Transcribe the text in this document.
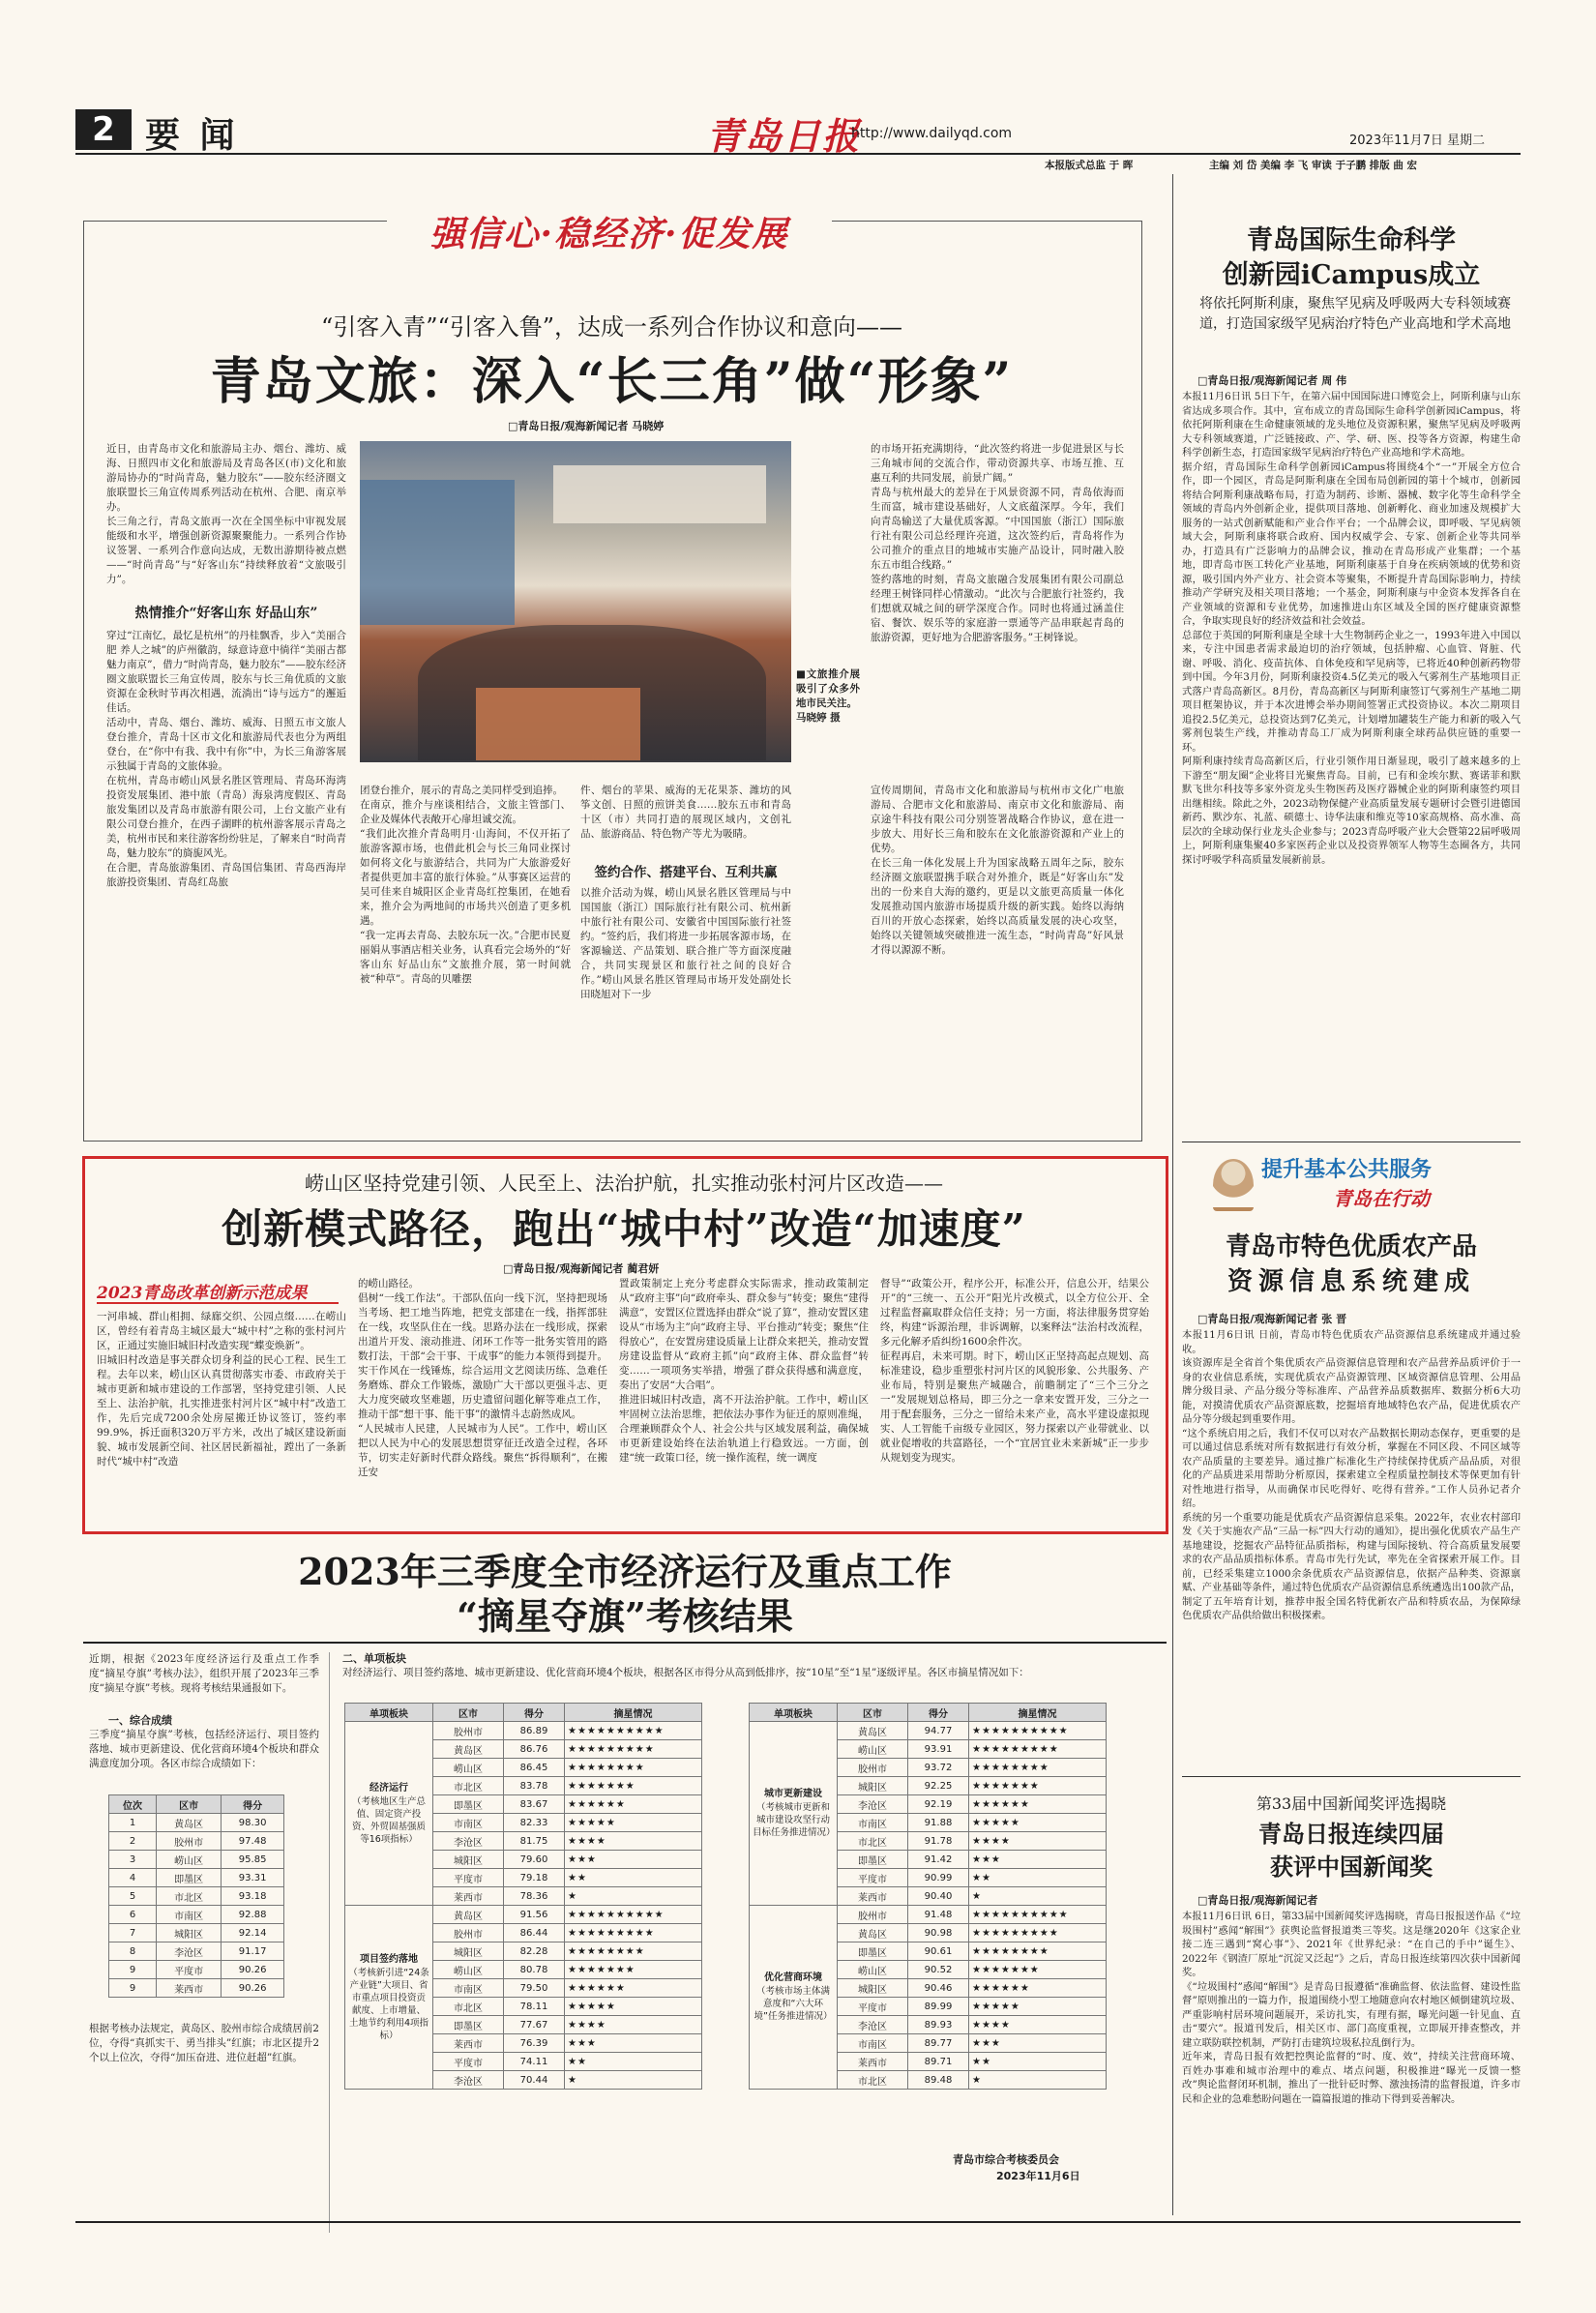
2 要 闻	青岛日报
http://www.dailyqd.com	2023年11月7日 星期二
本报版式总监 于 晖	主编 刘 岱 美编 李 飞 审读 于子鹏 排版 曲 宏
强信心·稳经济·促发展
“引客入青”“引客入鲁”，达成一系列合作协议和意向——
青岛文旅：深入“长三角”做“形象”
□青岛日报/观海新闻记者 马晓婷
近日，由青岛市文化和旅游局主办、烟台、潍坊、威海、日照四市文化和旅游局及青岛各区(市)文化和旅游局协办的“时尚青岛，魅力胶东”——胶东经济圈文旅联盟长三角宣传周系列活动在杭州、合肥、南京举办。
长三角之行，青岛文旅再一次在全国坐标中审视发展能级和水平，增强创新资源聚聚能力。一系列合作协议签署、一系列合作意向达成，无数出游期待被点燃——“时尚青岛”与“好客山东”持续释放着“文旅吸引力”。
热情推介“好客山东 好品山东”
穿过“江南忆，最忆是杭州”的丹桂飘香，步入“美丽合肥 养人之城”的庐州徽韵，绿意诗意中徜徉“美丽古都 魅力南京”，借力“时尚青岛，魅力胶东”——胶东经济圈文旅联盟长三角宣传周，胶东与长三角优质的文旅资源在金秋时节再次相遇，流淌出“诗与远方”的邂逅佳话。
活动中，青岛、烟台、潍坊、威海、日照五市文旅人登台推介，青岛十区市文化和旅游局代表也分为两组登台，在“你中有我、我中有你”中，为长三角游客展示独属于青岛的文旅体验。
在杭州，青岛市崂山风景名胜区管理局、青岛环海湾投资发展集团、港中旅（青岛）海泉湾度假区、青岛旅发集团以及青岛市旅游有限公司，上台文旅产业有限公司登台推介，在西子湖畔的杭州游客展示青岛之美，杭州市民和来往游客纷纷驻足，了解来自“时尚青岛，魅力胶东”的旖旎风光。
在合肥，青岛旅游集团、青岛国信集团、青岛西海岸旅游投资集团、青岛红岛旅
■文旅推介展吸引了众多外地市民关注。
马晓婷 摄
团登台推介，展示的青岛之美同样受到追捧。
在南京，推介与座谈相结合，文旅主管部门、企业及媒体代表敞开心扉坦诚交流。
“我们此次推介青岛明月·山海间，不仅开拓了旅游客源市场，也借此机会与长三角同业探讨如何将文化与旅游结合，共同为广大旅游爱好者提供更加丰富的旅行体验。”从事赛区运营的吴可佳来自城阳区企业青岛红控集团，在她看来，推介会为两地间的市场共兴创造了更多机遇。
“我一定再去青岛、去胶东玩一次。”合肥市民夏丽娟从事酒店相关业务，认真看完会场外的“好客山东 好品山东”文旅推介展，第一时间就被“种草”。青岛的贝雕摆
件、烟台的苹果、威海的无花果茶、潍坊的风筝文创、日照的煎饼美食……胶东五市和青岛十区（市）共同打造的展现区域内，文创礼品、旅游商品、特色物产等尤为吸睛。
签约合作、搭建平台、互利共赢
以推介活动为媒，崂山风景名胜区管理局与中国国旅（浙江）国际旅行社有限公司、杭州新中旅行社有限公司、安徽省中国国际旅行社签约。“签约后，我们将进一步拓展客源市场，在客源输送、产品策划、联合推广等方面深度融合，共同实现景区和旅行社之间的良好合作。”崂山风景名胜区管理局市场开发处副处长田晓旭对下一步
的市场开拓充满期待，“此次签约将进一步促进景区与长三角城市间的交流合作，带动资源共享、市场互推、互惠互利的共同发展，前景广阔。”
青岛与杭州最大的差异在于风景资源不同，青岛依海而生而富，城市建设基础好，人文底蕴深厚。今年，我们向青岛输送了大量优质客源。“中国国旅（浙江）国际旅行社有限公司总经理许亮道，这次签约后，青岛将作为公司推介的重点目的地城市实施产品设计，同时融入胶东五市组合线路。”
签约落地的时刻，青岛文旅融合发展集团有限公司副总经理王树锋同样心情激动。“此次与合肥旅行社签约，我们想就双城之间的研学深度合作。同时也将通过涵盖住宿、餐饮、娱乐等的家庭游一票通等产品串联起青岛的旅游资源，更好地为合肥游客服务。”王树锋说。
宣传周期间，青岛市文化和旅游局与杭州市文化广电旅游局、合肥市文化和旅游局、南京市文化和旅游局、南京途牛科技有限公司分别签署战略合作协议，意在进一步放大、用好长三角和胶东在文化旅游资源和产业上的优势。
在长三角一体化发展上升为国家战略五周年之际，胶东经济圈文旅联盟携手联合对外推介，既是“好客山东”发出的一份来自大海的邀约，更是以文旅更高质量一体化发展推动国内旅游市场提质升级的新实践。始终以海纳百川的开放心态探索，始终以高质量发展的决心攻坚，始终以关键领域突破推进一流生态，“时尚青岛”好风景才得以源源不断。
崂山区坚持党建引领、人民至上、法治护航，扎实推动张村河片区改造——
创新模式路径，跑出“城中村”改造“加速度”
□青岛日报/观海新闻记者 蔺君妍
2023青岛改革创新示范成果
一河串城、群山相拥、绿廊交织、公园点缀……在崂山区，曾经有着青岛主城区最大“城中村”之称的张村河片区，正通过实施旧城旧村改造实现“蝶变焕新”。
旧城旧村改造是事关群众切身利益的民心工程、民生工程。去年以来，崂山区认真贯彻落实市委、市政府关于城市更新和城市建设的工作部署，坚持党建引领、人民至上、法治护航，扎实推进张村河片区“城中村”改造工作，先后完成7200余处房屋搬迁协议签订，签约率99.9%，拆迁面积320万平方米，改出了城区建设新面貌、城市发展新空间、社区居民新福祉，蹚出了一条新时代“城中村”改造
的崂山路径。
倡树“一线工作法”。干部队伍向一线下沉，坚持把现场当考场、把工地当阵地，把党支部建在一线，指挥部驻在一线，攻坚队住在一线。思路办法在一线形成，探索出道片开发、滚动推进、闭环工作等一批务实管用的路数打法，干部“会干事、干成事”的能力本领得到提升。实干作风在一线锤炼，综合运用文艺阅读历练、急难任务磨炼、群众工作锻炼，激励广大干部以更强斗志、更大力度突破攻坚难题，历史遗留问题化解等难点工作，推动干部“想干事、能干事”的激情斗志蔚然成风。
“人民城市人民建，人民城市为人民”。工作中，崂山区把以人民为中心的发展思想贯穿征迁改造全过程，各环节，切实走好新时代群众路线。聚焦“拆得顺利”，在搬迁安
置政策制定上充分考虑群众实际需求，推动政策制定从“政府主事”向“政府牵头、群众参与”转变；聚焦“建得满意”，安置区位置选择由群众“说了算”，推动安置区建设从“市场为主”向“政府主导、平台推动”转变；聚焦“住得放心”，在安置房建设质量上让群众来把关，推动安置房建设监督从“政府主抓”向“政府主体、群众监督”转变……一项项务实举措，增强了群众获得感和满意度，奏出了安居“大合唱”。
推进旧城旧村改造，离不开法治护航。工作中，崂山区牢固树立法治思维，把依法办事作为征迁的原则准绳，合理兼顾群众个人、社会公共与区域发展利益，确保城市更新建设始终在法治轨道上行稳致远。一方面，创建“统一政策口径，统一操作流程，统一调度
督导”“政策公开，程序公开，标准公开，信息公开，结果公开”的“三统一、五公开”阳光片改模式，以全方位公开、全过程监督赢取群众信任支持；另一方面，将法律服务贯穿始终，构建“诉源治理，非诉调解，以案释法”法治村改流程，多元化解矛盾纠纷1600余件次。
征程再启，未来可期。时下，崂山区正坚持高起点规划、高标准建设，稳步重塑张村河片区的风貌形象、公共服务、产业布局，特别是聚焦产城融合，前瞻制定了“三个三分之一”发展规划总格局，即三分之一拿来安置开发，三分之一用于配套服务，三分之一留给未来产业，高水平建设虚拟现实、人工智能千亩级专业园区，努力探索以产业带就业、以就业促增收的共富路径，一个“宜居宜业未来新城”正一步步从规划变为现实。
2023年三季度全市经济运行及重点工作
“摘星夺旗”考核结果
近期，根据《2023年度经济运行及重点工作季度“摘星夺旗”考核办法》，组织开展了2023年三季度“摘星夺旗”考核。现将考核结果通报如下。
一、综合成绩
三季度“摘星夺旗”考核，包括经济运行、项目签约落地、城市更新建设、优化营商环境4个板块和群众满意度加分项。各区市综合成绩如下：
位次	区市	得分
1	黄岛区	98.30
2	胶州市	97.48
3	崂山区	95.85
4	即墨区	93.31
5	市北区	93.18
6	市南区	92.88
7	城阳区	92.14
8	李沧区	91.17
9	平度市	90.26
9	莱西市	90.26
根据考核办法规定，黄岛区、胶州市综合成绩居前2位，夺得“真抓实干、勇当排头”红旗；市北区提升2个以上位次，夺得“加压奋进、进位赶超”红旗。
二、单项板块
对经济运行、项目签约落地、城市更新建设、优化营商环境4个板块，根据各区市得分从高到低排序，按“10星”至“1星”逐级评星。各区市摘星情况如下：
单项板块	区市	得分	摘星情况
经济运行
（考核地区生产总值、固定资产投资、外贸固基强质等16项指标）	胶州市	86.89	★★★★★★★★★★
	黄岛区	86.76	★★★★★★★★★
	崂山区	86.45	★★★★★★★★
	市北区	83.78	★★★★★★★
	即墨区	83.67	★★★★★★
	市南区	82.33	★★★★★
	李沧区	81.75	★★★★
	城阳区	79.60	★★★
	平度市	79.18	★★
	莱西市	78.36	★
项目签约落地
（考核新引进“24条产业链”大项目、省市重点项目投资贡献度、上市增量、土地节约利用4项指标）	黄岛区	91.56	★★★★★★★★★★
	胶州市	86.44	★★★★★★★★★
	城阳区	82.28	★★★★★★★★
	崂山区	80.78	★★★★★★★
	市南区	79.50	★★★★★★
	市北区	78.11	★★★★★
	即墨区	77.67	★★★★
	莱西市	76.39	★★★
	平度市	74.11	★★
	李沧区	70.44	★
单项板块	区市	得分	摘星情况
城市更新建设
（考核城市更新和城市建设攻坚行动目标任务推进情况）	黄岛区	94.77	★★★★★★★★★★
	崂山区	93.91	★★★★★★★★★
	胶州市	93.72	★★★★★★★★
	城阳区	92.25	★★★★★★★
	李沧区	92.19	★★★★★★
	市南区	91.88	★★★★★
	市北区	91.78	★★★★
	即墨区	91.42	★★★
	平度市	90.99	★★
	莱西市	90.40	★
优化营商环境
（考核市场主体满意度和“六大环境”任务推进情况）	胶州市	91.48	★★★★★★★★★★
	黄岛区	90.98	★★★★★★★★★
	即墨区	90.61	★★★★★★★★
	崂山区	90.52	★★★★★★★
	城阳区	90.46	★★★★★★
	平度市	89.99	★★★★★
	李沧区	89.93	★★★★
	市南区	89.77	★★★
	莱西市	89.71	★★
	市北区	89.48	★
青岛市综合考核委员会
2023年11月6日
青岛国际生命科学
创新园iCampus成立
将依托阿斯利康，聚焦罕见病及呼吸两大专科领域赛道，打造国家级罕见病治疗特色产业高地和学术高地
□青岛日报/观海新闻记者 周 伟
本报11月6日讯 5日下午，在第六届中国国际进口博览会上，阿斯利康与山东省达成多项合作。其中，宣布成立的青岛国际生命科学创新园iCampus，将依托阿斯利康在生命健康领域的龙头地位及资源积累，聚焦罕见病及呼吸两大专科领域赛道，广泛链接政、产、学、研、医、投等各方资源，构建生命科学创新生态，打造国家级罕见病治疗特色产业高地和学术高地。
据介绍，青岛国际生命科学创新园iCampus将围绕4个“一”开展全方位合作，即一个园区，青岛是阿斯利康在全国布局创新园的第十个城市，创新园将结合阿斯利康战略布局，打造为制药、诊断、器械、数字化等生命科学全领域的青岛内外创新企业，提供项目落地、创新孵化、商业加速及规模扩大服务的一站式创新赋能和产业合作平台；一个品牌会议，即呼吸、罕见病领域大会，阿斯利康将联合政府、国内权威学会、专家、创新企业等共同举办，打造具有广泛影响力的品牌会议，推动在青岛形成产业集群；一个基地，即青岛市医工转化产业基地，阿斯利康基于自身在疾病领域的优势和资源，吸引国内外产业方、社会资本等聚集，不断提升青岛国际影响力，持续推动产学研究及相关项目落地；一个基金，阿斯利康与中金资本发挥各自在产业领域的资源和专业优势，加速推进山东区域及全国的医疗健康资源整合，争取实现良好的经济效益和社会效益。
总部位于英国的阿斯利康是全球十大生物制药企业之一，1993年进入中国以来，专注中国患者需求最迫切的治疗领域，包括肿瘤、心血管、肾脏、代谢、呼吸、消化、疫苗抗体、自体免疫和罕见病等，已将近40种创新药物带到中国。今年3月份，阿斯利康投资4.5亿美元的吸入气雾剂生产基地项目正式落户青岛高新区。8月份，青岛高新区与阿斯利康签订气雾剂生产基地二期项目框架协议，并于本次进博会举办期间签署正式投资协议。本次二期项目追投2.5亿美元，总投资达到7亿美元，计划增加罐装生产能力和新的吸入气雾剂包装生产线，并推动青岛工厂成为阿斯利康全球药品供应链的重要一环。
阿斯利康持续青岛高新区后，行业引领作用日渐显现，吸引了越来越多的上下游至“朋友圈”企业将目光聚焦青岛。目前，已有和金埃尔默、赛诺菲和默默飞世尔科技等多家外资龙头生物医药及医疗器械企业的阿斯利康签约项目出继相续。除此之外，2023动物保健产业高质量发展专题研讨会暨引进德国新药、默沙东、礼蓝、硕德士、诗华法康和维克等10家高规格、高水准、高层次的全球动保行业龙头企业参与；2023青岛呼吸产业大会暨第22届呼吸周上，阿斯利康集聚40多家医药企业以及投资界领军人物等生态圈各方，共同探讨呼吸学科高质量发展新前景。
提升基本公共服务
青岛在行动
青岛市特色优质农产品
资源信息系统建成
□青岛日报/观海新闻记者 张 晋
本报11月6日讯 日前，青岛市特色优质农产品资源信息系统建成并通过验收。
该资源库是全省首个集优质农产品资源信息管理和农产品营养品质评价于一身的农业信息系统，实现优质农产品资源管理、区域资源信息管理、公用品牌分级目录、产品分级分等标准库、产品营养品质数据库、数据分析6大功能，对摸清优质农产品资源底数，挖掘培育地域特色农产品，促进优质农产品分等分级起到重要作用。
“这个系统启用之后，我们不仅可以对农产品数据长期动态保存，更重要的是可以通过信息系统对所有数据进行有效分析，掌握在不同区段、不同区域等农产品质量的主要差异。通过推广标准化生产持续保持优质产品品质，对很化的产品质进采用帮助分析原因，探索建立全程质量控制技术等保更加有针对性地进行指导，从而确保市民吃得好、吃得有营养。”工作人员孙记者介绍。
系统的另一个重要功能是优质农产品资源信息采集。2022年，农业农村部印发《关于实施农产品“三品一标”四大行动的通知》，提出强化优质农产品生产基地建设，挖掘农产品特征品质指标，构建与国际接轨、符合高质量发展要求的农产品品质指标体系。青岛市先行先试，率先在全省探索开展工作。目前，已经采集建立1000余条优质农产品资源信息，依据产品种类、资源禀赋、产业基础等条件，通过特色优质农产品资源信息系统遴选出100款产品，制定了五年培育计划，推荐申报全国名特优新农产品和特质农品，为保障绿色优质农产品供给做出积极探索。
第33届中国新闻奖评选揭晓
青岛日报连续四届
获评中国新闻奖
□青岛日报/观海新闻记者
本报11月6日讯 6日，第33届中国新闻奖评选揭晓，青岛日报报送作品《“垃圾围村”惑闻“解围”》获舆论监督报道类三等奖。这是继2020年《这家企业接二连三遇到“窝心事”》、2021年《世界纪录：“在自己的手中”诞生》、2022年《钢渣厂原址“沉淀又泛起”》之后，青岛日报连续第四次获中国新闻奖。
《“垃圾围村”惑闻“解围”》是青岛日报遵循“准确监督、依法监督、建设性监督”原则推出的一篇力作，报道围绕小型工地随意向农村地区倾倒建筑垃圾、严重影响村居环境问题展开，采访扎实，有理有据，曝光问题一针见血、直击“要穴”。报道刊发后，相关区市、部门高度重视，立即展开排查整改，并建立联防联控机制，严防打击建筑垃圾私拉乱倒行为。
近年来，青岛日报有效把控舆论监督的“时、度、效”，持续关注营商环境、百姓办事难和城市治理中的难点、堵点问题，积极推进“曝光一反馈一整改”舆论监督闭环机制，推出了一批针砭时弊、激浊扬清的监督报道，许多市民和企业的急难愁盼问题在一篇篇报道的推动下得到妥善解决。
